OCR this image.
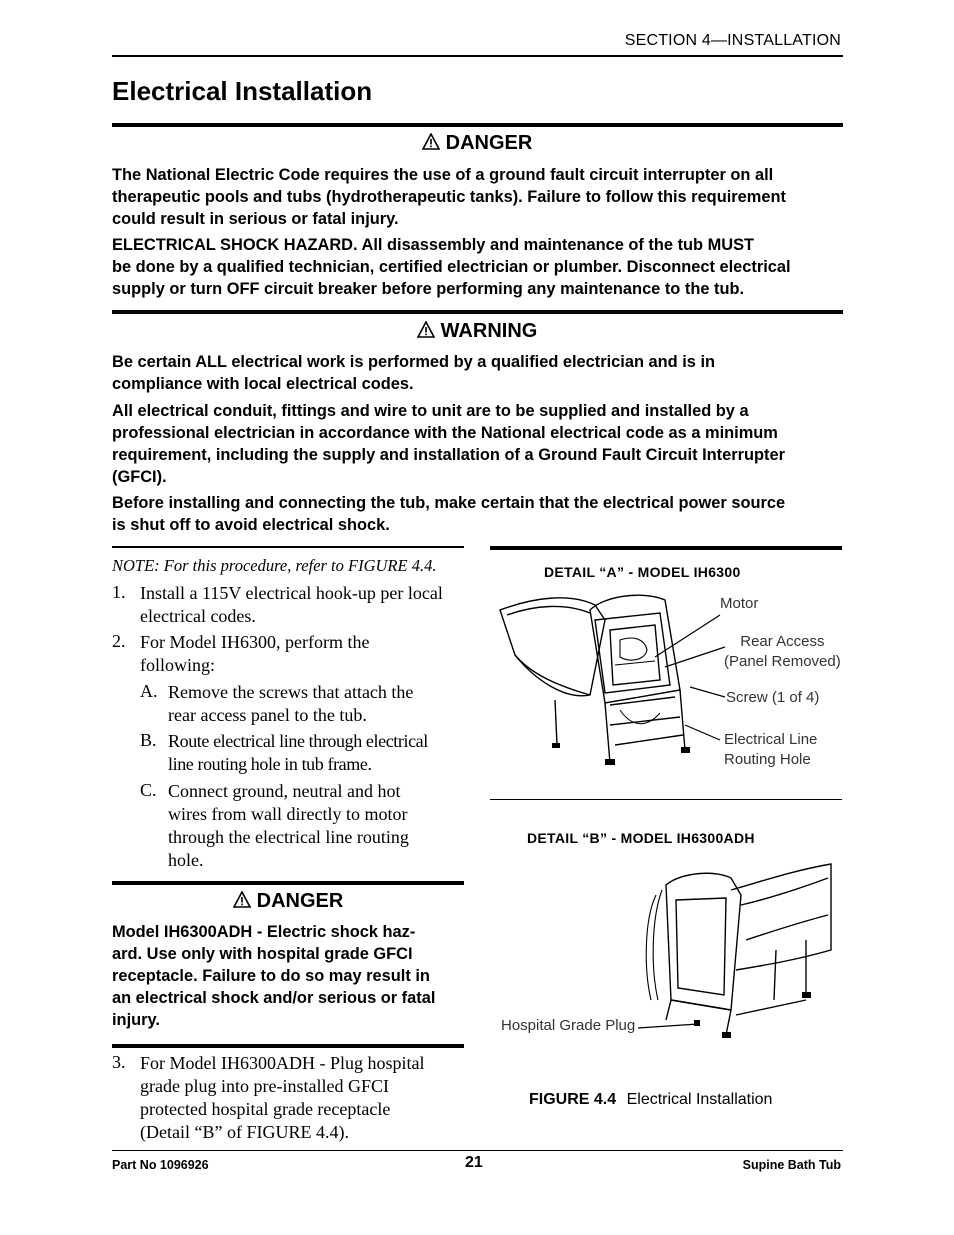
SECTION 4—INSTALLATION
Electrical Installation
DANGER
The National Electric Code requires the use of a ground fault circuit interrupter on all
therapeutic pools and tubs (hydrotherapeutic tanks). Failure to follow this requirement
could result in serious or fatal injury.
ELECTRICAL SHOCK HAZARD. All disassembly and maintenance of the tub MUST
be done by a qualified technician, certified electrician or plumber. Disconnect electrical
supply or turn OFF circuit breaker before performing any maintenance to the tub.
WARNING
Be certain ALL electrical work is performed by a qualified electrician and is in
compliance with local electrical codes.
All electrical conduit, fittings and wire to unit are to be supplied and installed by a
professional electrician in accordance with the National electrical code as a minimum
requirement, including the supply and installation of a Ground Fault Circuit Interrupter
(GFCI).
Before installing and connecting the tub, make certain that the electrical power source
is shut off to avoid electrical shock.
NOTE: For this procedure, refer to FIGURE 4.4.
1. Install a 115V electrical hook-up per local
electrical codes.
2. For Model IH6300, perform the
following:
A. Remove the screws that attach the
rear access panel to the tub.
B. Route electrical line through electrical
line routing hole in tub frame.
C. Connect ground, neutral and hot
wires from wall directly to motor
through the electrical line routing
hole.
DANGER
Model IH6300ADH - Electric shock haz-
ard. Use only with hospital grade GFCI
receptacle. Failure to do so may result in
an electrical shock and/or serious or fatal
injury.
3. For Model IH6300ADH - Plug hospital
grade plug into pre-installed GFCI
protected hospital grade receptacle
(Detail “B” of FIGURE 4.4).
DETAIL “A” - MODEL IH6300
Motor
Rear Access
(Panel Removed)
Screw (1 of 4)
Electrical Line
Routing Hole
DETAIL “B” - MODEL IH6300ADH
Hospital Grade Plug
FIGURE 4.4 Electrical Installation
Part No 1096926	21	Supine Bath Tub
